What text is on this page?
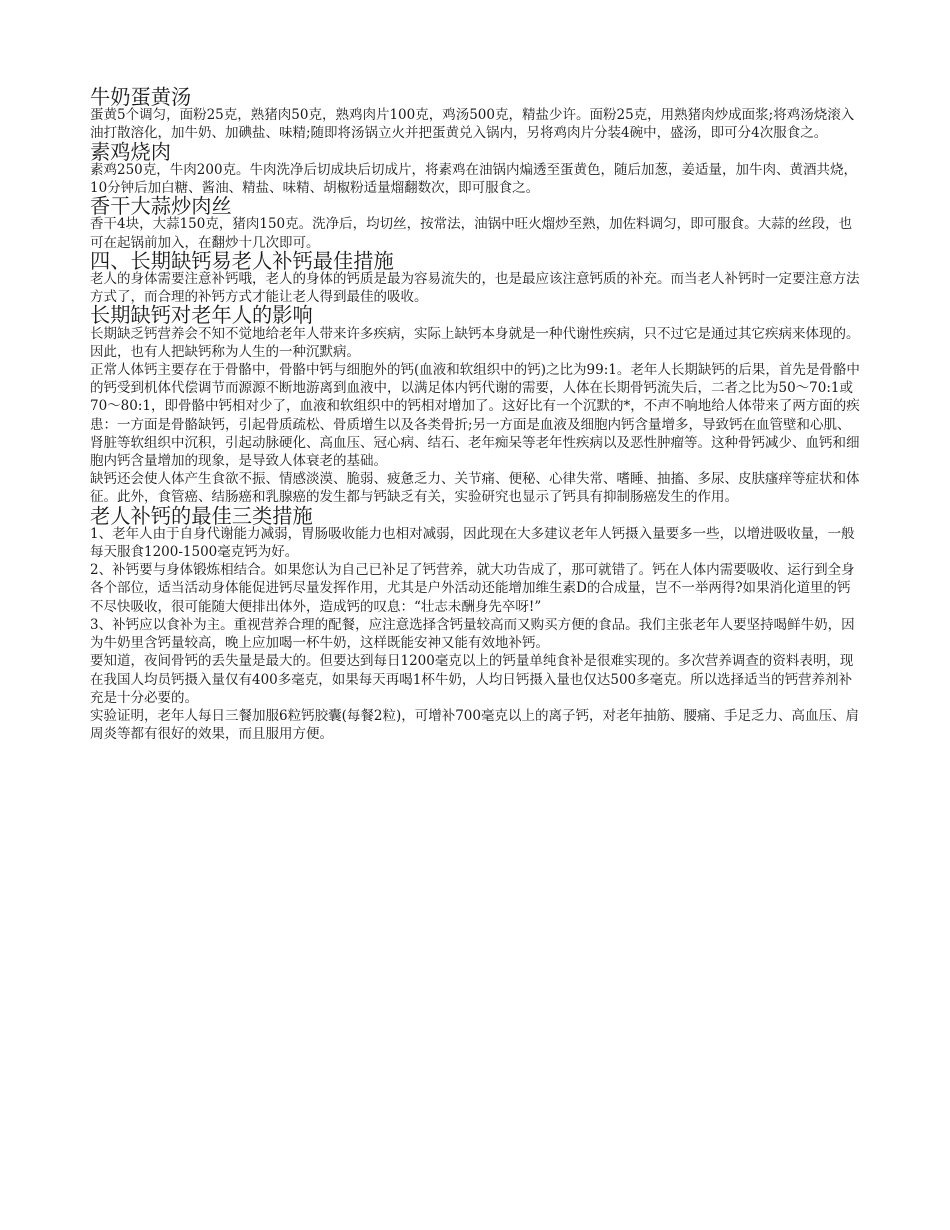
牛奶蛋黄汤

蛋黄5个调匀，面粉25克，熟猪肉50克，熟鸡肉片100克，鸡汤500克，精盐少许。面粉25克，用熟猪肉炒成面浆;将鸡汤烧滚入油打散溶化，加牛奶、加碘盐、味精;随即将汤锅立火并把蛋黄兑入锅内，另将鸡肉片分装4碗中，盛汤，即可分4次服食之。

素鸡烧肉

素鸡250克，牛肉200克。牛肉洗净后切成块后切成片，将素鸡在油锅内煸透至蛋黄色，随后加葱，姜适量，加牛肉、黄酒共烧，10分钟后加白糖、酱油、精盐、味精、胡椒粉适量熘翻数次，即可服食之。

香干大蒜炒肉丝

香干4块，大蒜150克，猪肉150克。洗净后，均切丝，按常法，油锅中旺火熘炒至熟，加佐料调匀，即可服食。大蒜的丝段，也可在起锅前加入，在翻炒十几次即可。

四、长期缺钙易老人补钙最佳措施

老人的身体需要注意补钙哦，老人的身体的钙质是最为容易流失的，也是最应该注意钙质的补充。而当老人补钙时一定要注意方法方式了，而合理的补钙方式才能让老人得到最佳的吸收。

长期缺钙对老年人的影响

长期缺乏钙营养会不知不觉地给老年人带来许多疾病，实际上缺钙本身就是一种代谢性疾病，只不过它是通过其它疾病来体现的。因此，也有人把缺钙称为人生的一种沉默病。

正常人体钙主要存在于骨骼中，骨骼中钙与细胞外的钙(血液和软组织中的钙)之比为99:1。老年人长期缺钙的后果，首先是骨骼中的钙受到机体代偿调节而源源不断地游离到血液中，以满足体内钙代谢的需要，人体在长期骨钙流失后，二者之比为50～70:1或70～80:1，即骨骼中钙相对少了，血液和软组织中的钙相对增加了。这好比有一个沉默的*，不声不响地给人体带来了两方面的疾患：一方面是骨骼缺钙，引起骨质疏松、骨质增生以及各类骨折;另一方面是血液及细胞内钙含量增多，导致钙在血管壁和心肌、肾脏等软组织中沉积，引起动脉硬化、高血压、冠心病、结石、老年痴呆等老年性疾病以及恶性肿瘤等。这种骨钙减少、血钙和细胞内钙含量增加的现象，是导致人体衰老的基础。

缺钙还会使人体产生食欲不振、情感淡漠、脆弱、疲惫乏力、关节痛、便秘、心律失常、嗜睡、抽搐、多尿、皮肤瘙痒等症状和体征。此外，食管癌、结肠癌和乳腺癌的发生都与钙缺乏有关，实验研究也显示了钙具有抑制肠癌发生的作用。

老人补钙的最佳三类措施

1、老年人由于自身代谢能力减弱，胃肠吸收能力也相对减弱，因此现在大多建议老年人钙摄入量要多一些，以增进吸收量，一般每天服食1200-1500毫克钙为好。

2、补钙要与身体锻炼相结合。如果您认为自己已补足了钙营养，就大功告成了，那可就错了。钙在人体内需要吸收、运行到全身各个部位，适当活动身体能促进钙尽量发挥作用，尤其是户外活动还能增加维生素D的合成量，岂不一举两得?如果消化道里的钙不尽快吸收，很可能随大便排出体外，造成钙的叹息：“壮志未酬身先卒呀!”

3、补钙应以食补为主。重视营养合理的配餐，应注意选择含钙量较高而又购买方便的食品。我们主张老年人要坚持喝鲜牛奶，因为牛奶里含钙量较高，晚上应加喝一杯牛奶，这样既能安神又能有效地补钙。

要知道，夜间骨钙的丢失量是最大的。但要达到每日1200毫克以上的钙量单纯食补是很难实现的。多次营养调查的资料表明，现在我国人均员钙摄入量仅有400多毫克，如果每天再喝1杯牛奶，人均日钙摄入量也仅达500多毫克。所以选择适当的钙营养剂补充是十分必要的。

实验证明，老年人每日三餐加服6粒钙胶囊(每餐2粒)，可增补700毫克以上的离子钙，对老年抽筋、腰痛、手足乏力、高血压、肩周炎等都有很好的效果，而且服用方便。
